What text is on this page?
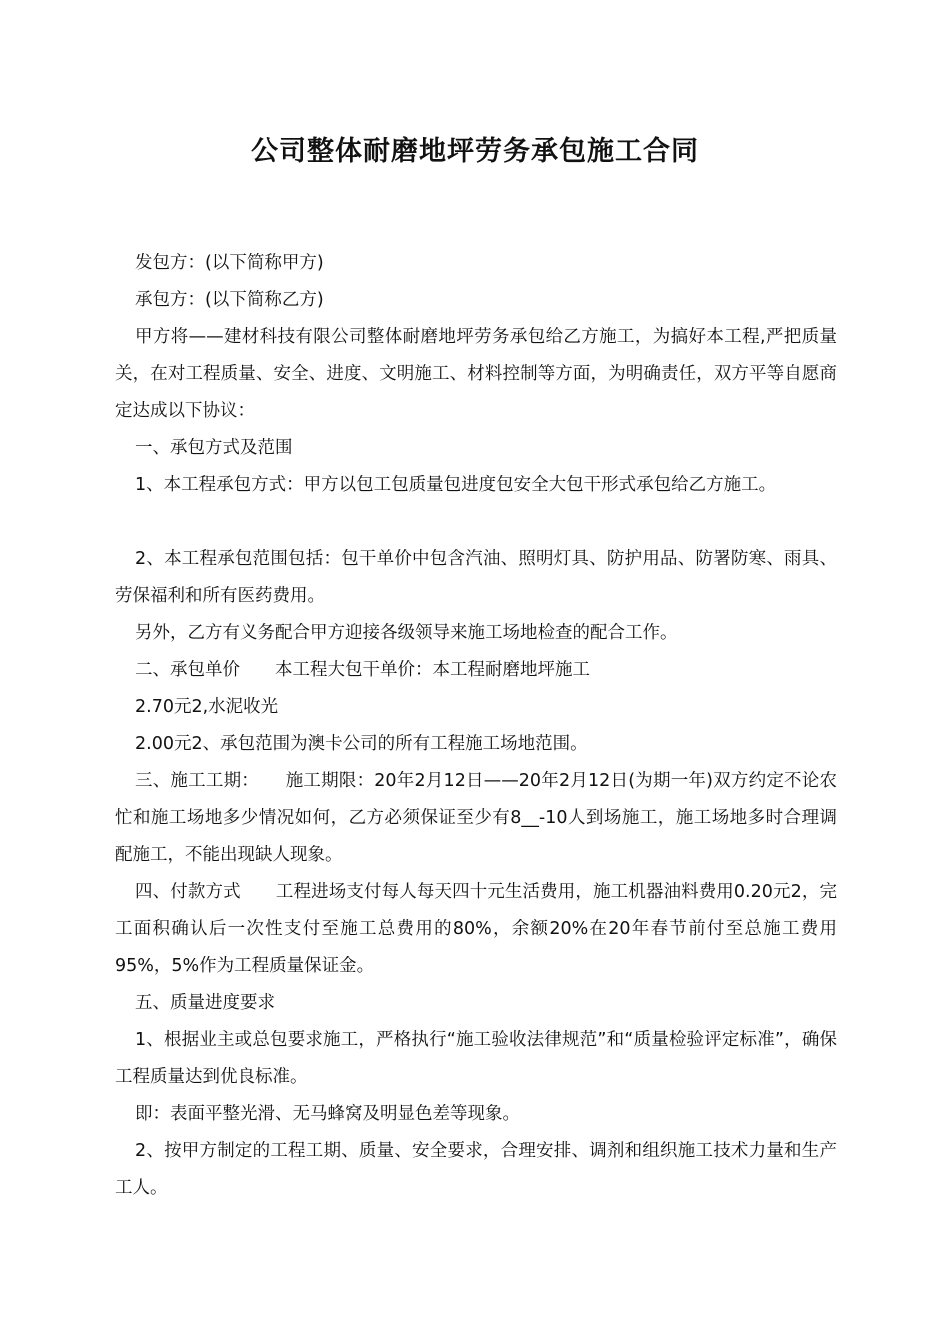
公司整体耐磨地坪劳务承包施工合同

发包方：(以下简称甲方)

承包方：(以下简称乙方)

甲方将——建材科技有限公司整体耐磨地坪劳务承包给乙方施工，为搞好本工程,严把质量关，在对工程质量、安全、进度、文明施工、材料控制等方面，为明确责任，双方平等自愿商定达成以下协议：

一、承包方式及范围

1、本工程承包方式：甲方以包工包质量包进度包安全大包干形式承包给乙方施工。

2、本工程承包范围包括：包干单价中包含汽油、照明灯具、防护用品、防署防寒、雨具、劳保福利和所有医药费用。

另外，乙方有义务配合甲方迎接各级领导来施工场地检查的配合工作。

二、承包单价　　本工程大包干单价：本工程耐磨地坪施工

2.70元2,水泥收光

2.00元2、承包范围为澳卡公司的所有工程施工场地范围。

三、施工工期：　　施工期限：20年2月12日——20年2月12日(为期一年)双方约定不论农忙和施工场地多少情况如何，乙方必须保证至少有8__-10人到场施工，施工场地多时合理调配施工，不能出现缺人现象。

四、付款方式　　工程进场支付每人每天四十元生活费用，施工机器油料费用0.20元2，完工面积确认后一次性支付至施工总费用的80%，余额20%在20年春节前付至总施工费用95%，5%作为工程质量保证金。

五、质量进度要求

1、根据业主或总包要求施工，严格执行“施工验收法律规范”和“质量检验评定标准”，确保工程质量达到优良标准。

即：表面平整光滑、无马蜂窝及明显色差等现象。

2、按甲方制定的工程工期、质量、安全要求，合理安排、调剂和组织施工技术力量和生产工人。
